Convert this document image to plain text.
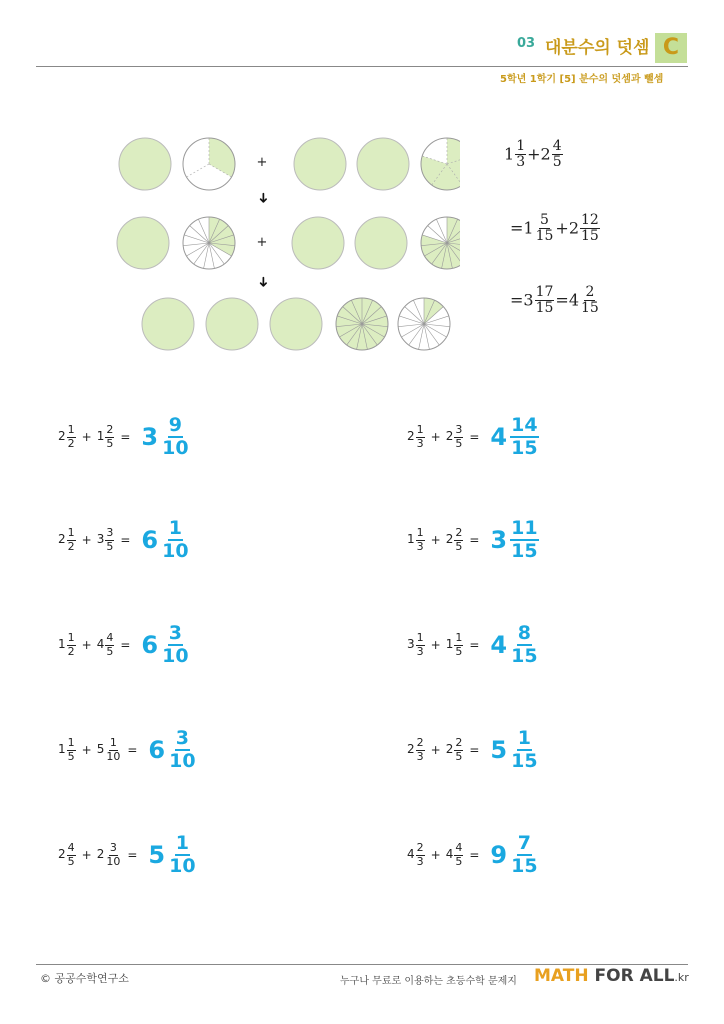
03 대분수의 덧셈 C
5학년 1학기 [5] 분수의 덧셈과 뺄셈
+
+
➜
➜
$1 \frac{1}{3} +2 \frac{4}{5}$
$=1 \frac{5}{15} +2 \frac{12}{15}$
$=3 \frac{17}{15} =4 \frac{2}{15}$
$2 \frac{1}{2} + 1 \frac{2}{5} = 3 \frac{9}{10}$	$2 \frac{1}{3} + 2 \frac{3}{5} = 4 \frac{14}{15}$
$2 \frac{1}{2} + 3 \frac{3}{5} = 6 \frac{1}{10}$	$1 \frac{1}{3} + 2 \frac{2}{5} = 3 \frac{11}{15}$
$1 \frac{1}{2} + 4 \frac{4}{5} = 6 \frac{3}{10}$	$3 \frac{1}{3} + 1 \frac{1}{5} = 4 \frac{8}{15}$
$1 \frac{1}{5} + 5 \frac{1}{10} = 6 \frac{3}{10}$	$2 \frac{2}{3} + 2 \frac{2}{5} = 5 \frac{1}{15}$
$2 \frac{4}{5} + 2 \frac{3}{10} = 5 \frac{1}{10}$	$4 \frac{2}{3} + 4 \frac{4}{5} = 9 \frac{7}{15}$
© 공공수학연구소	누구나 무료로 이용하는 초등수학 문제지 MATH FOR ALL.kr
